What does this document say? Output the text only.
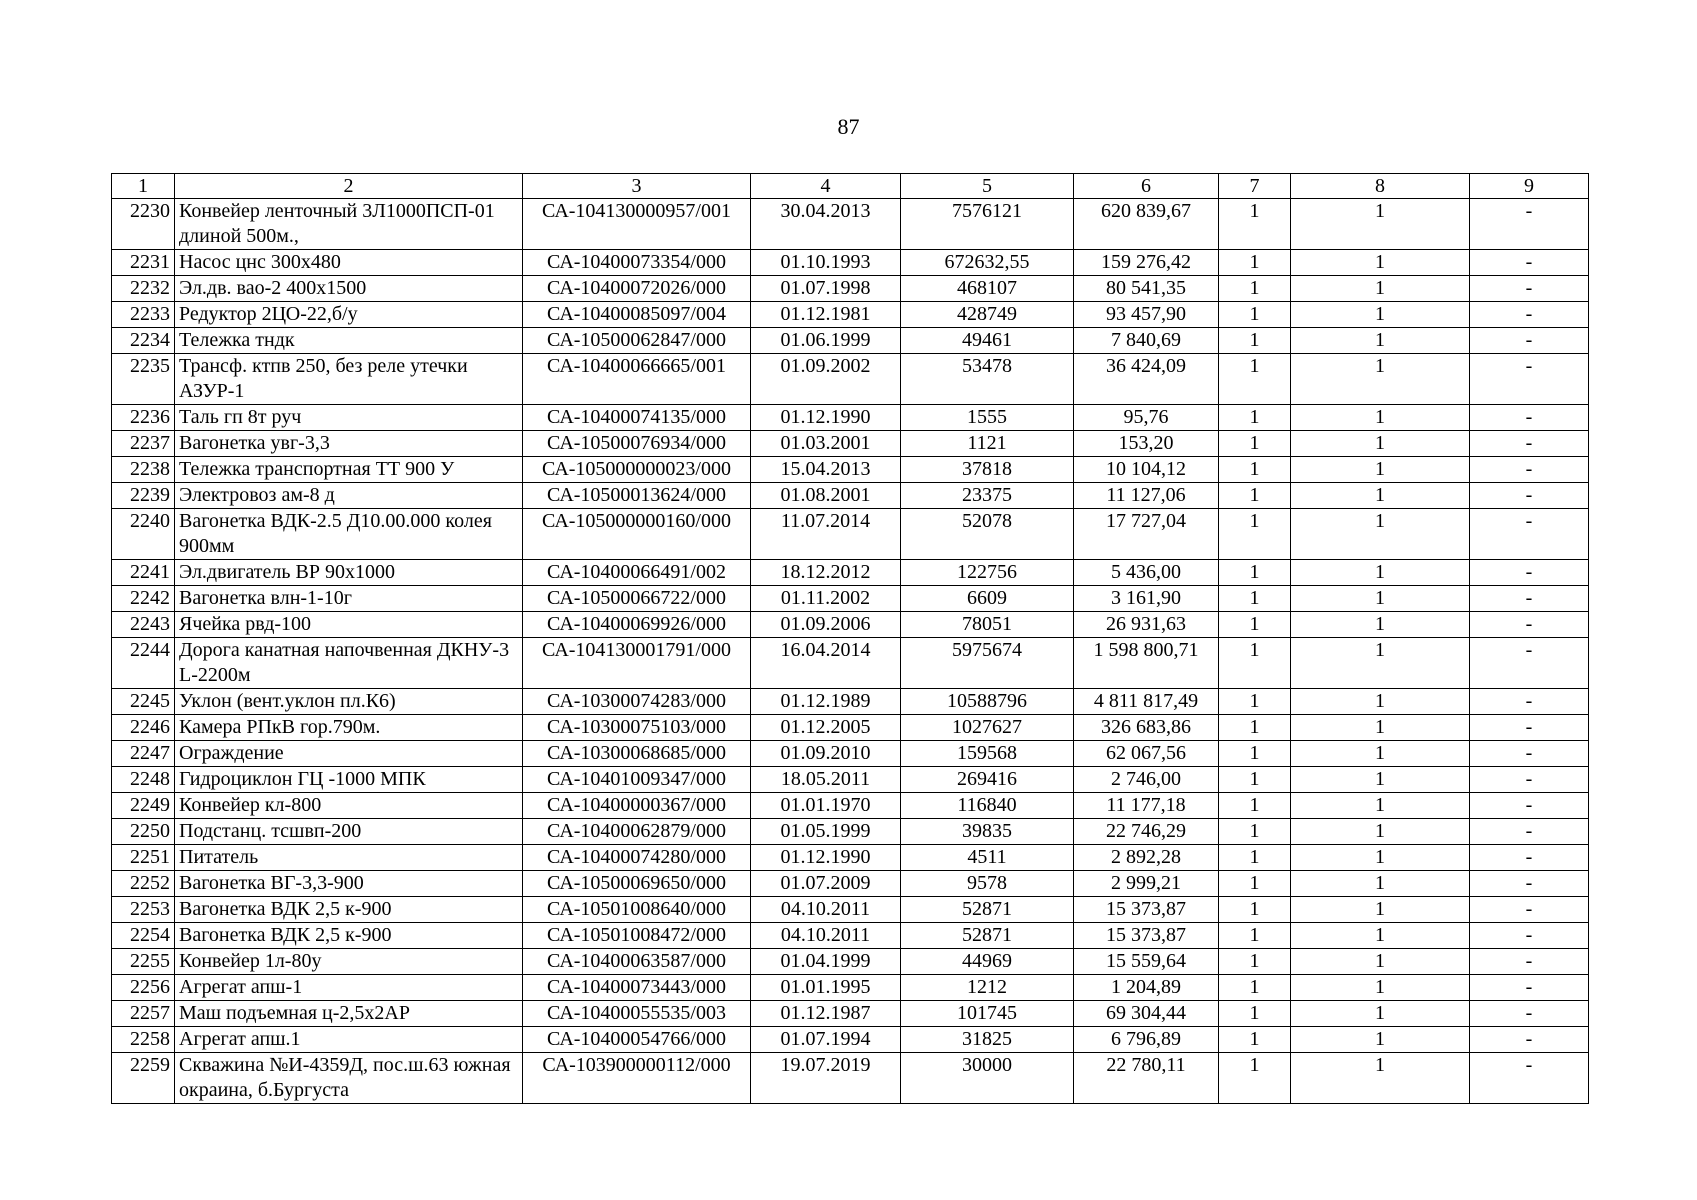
87
1	2	3	4	5	6	7	8	9
2230	Конвейер ленточный 3Л1000ПСП-01 длиной 500м.,	СА-104130000957/001	30.04.2013	7576121	620 839,67	1	1	-
2231	Насос цнс 300х480	СА-10400073354/000	01.10.1993	672632,55	159 276,42	1	1	-
2232	Эл.дв. вао-2 400х1500	СА-10400072026/000	01.07.1998	468107	80 541,35	1	1	-
2233	Редуктор 2ЦО-22,б/у	СА-10400085097/004	01.12.1981	428749	93 457,90	1	1	-
2234	Тележка тндк	СА-10500062847/000	01.06.1999	49461	7 840,69	1	1	-
2235	Трансф. ктпв 250, без реле утечки АЗУР-1	СА-10400066665/001	01.09.2002	53478	36 424,09	1	1	-
2236	Таль гп 8т руч	СА-10400074135/000	01.12.1990	1555	95,76	1	1	-
2237	Вагонетка увг-3,3	СА-10500076934/000	01.03.2001	1121	153,20	1	1	-
2238	Тележка транспортная ТТ 900 У	СА-105000000023/000	15.04.2013	37818	10 104,12	1	1	-
2239	Электровоз ам-8 д	СА-10500013624/000	01.08.2001	23375	11 127,06	1	1	-
2240	Вагонетка ВДК-2.5 Д10.00.000 колея 900мм	СА-105000000160/000	11.07.2014	52078	17 727,04	1	1	-
2241	Эл.двигатель ВР 90х1000	СА-10400066491/002	18.12.2012	122756	5 436,00	1	1	-
2242	Вагонетка влн-1-10г	СА-10500066722/000	01.11.2002	6609	3 161,90	1	1	-
2243	Ячейка рвд-100	СА-10400069926/000	01.09.2006	78051	26 931,63	1	1	-
2244	Дорога канатная напочвенная ДКНУ-3 L-2200м	СА-104130001791/000	16.04.2014	5975674	1 598 800,71	1	1	-
2245	Уклон (вент.уклон пл.К6)	СА-10300074283/000	01.12.1989	10588796	4 811 817,49	1	1	-
2246	Камера РПкВ гор.790м.	СА-10300075103/000	01.12.2005	1027627	326 683,86	1	1	-
2247	Ограждение	СА-10300068685/000	01.09.2010	159568	62 067,56	1	1	-
2248	Гидроциклон ГЦ -1000 МПК	СА-10401009347/000	18.05.2011	269416	2 746,00	1	1	-
2249	Конвейер кл-800	СА-10400000367/000	01.01.1970	116840	11 177,18	1	1	-
2250	Подстанц. тсшвп-200	СА-10400062879/000	01.05.1999	39835	22 746,29	1	1	-
2251	Питатель	СА-10400074280/000	01.12.1990	4511	2 892,28	1	1	-
2252	Вагонетка ВГ-3,3-900	СА-10500069650/000	01.07.2009	9578	2 999,21	1	1	-
2253	Вагонетка ВДК 2,5 к-900	СА-10501008640/000	04.10.2011	52871	15 373,87	1	1	-
2254	Вагонетка ВДК 2,5 к-900	СА-10501008472/000	04.10.2011	52871	15 373,87	1	1	-
2255	Конвейер 1л-80у	СА-10400063587/000	01.04.1999	44969	15 559,64	1	1	-
2256	Агрегат апш-1	СА-10400073443/000	01.01.1995	1212	1 204,89	1	1	-
2257	Маш подъемная ц-2,5х2АР	СА-10400055535/003	01.12.1987	101745	69 304,44	1	1	-
2258	Агрегат апш.1	СА-10400054766/000	01.07.1994	31825	6 796,89	1	1	-
2259	Скважина №И-4359Д, пос.ш.63 южная окраина, б.Бургуста	СА-103900000112/000	19.07.2019	30000	22 780,11	1	1	-
